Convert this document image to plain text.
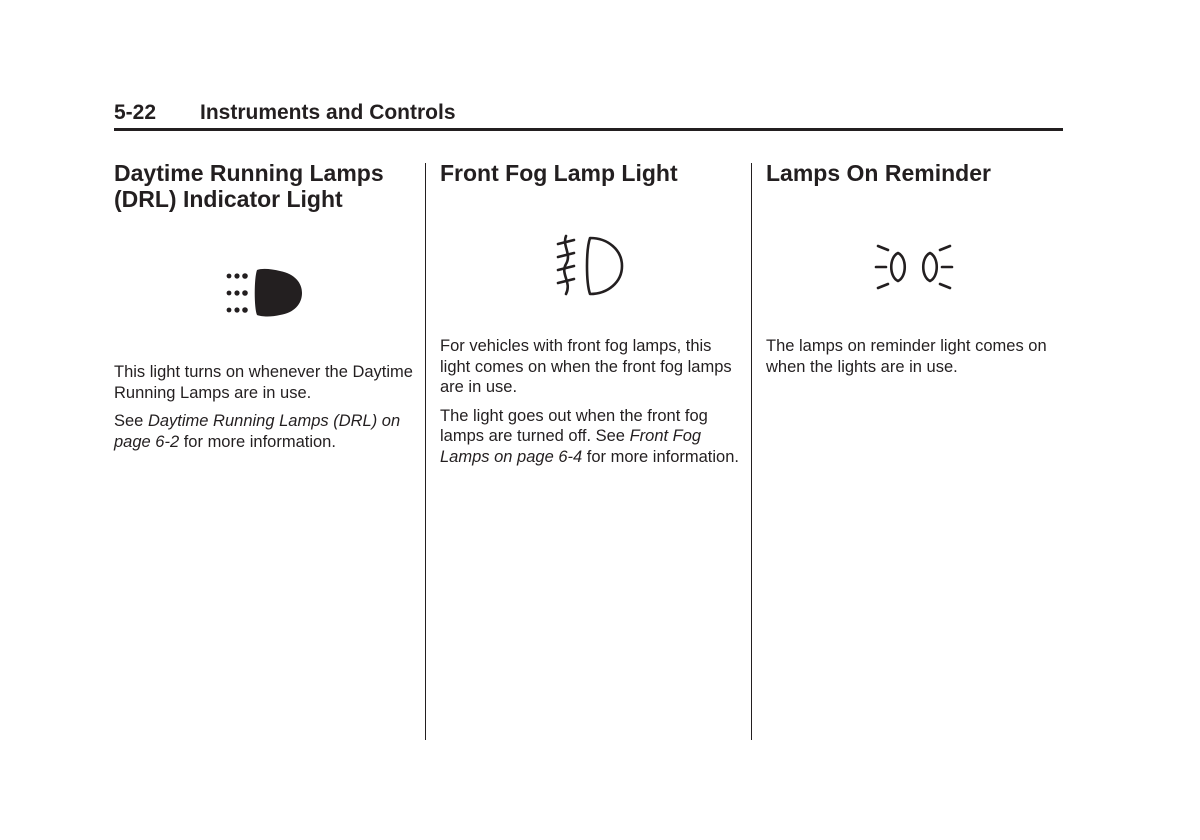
5-22 Instruments and Controls
Daytime Running Lamps (DRL) Indicator Light

This light turns on whenever the Daytime Running Lamps are in use.

See Daytime Running Lamps (DRL) on page 6-2 for more information.

Front Fog Lamp Light

For vehicles with front fog lamps, this light comes on when the front fog lamps are in use.

The light goes out when the front fog lamps are turned off. See Front Fog Lamps on page 6-4 for more information.

Lamps On Reminder

The lamps on reminder light comes on when the lights are in use.
